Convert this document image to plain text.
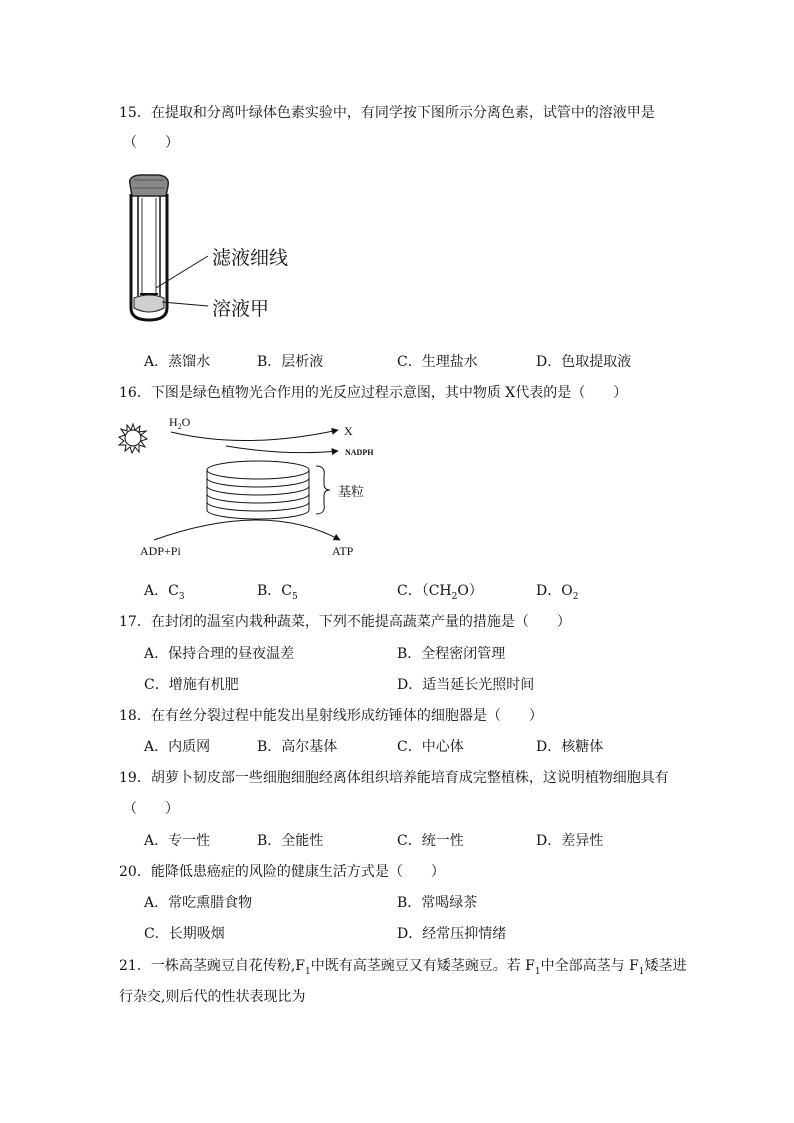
15．在提取和分离叶绿体色素实验中，有同学按下图所示分离色素，试管中的溶液甲是
（　　）
滤液细线
溶液甲
A．蒸馏水	B．层析液	C．生理盐水	D．色取提取液
16．下图是绿色植物光合作用的光反应过程示意图，其中物质 X代表的是（　　）
$H_2O$
X
NADPH
基粒
ADP+Pi	ATP
A．$C_3$	B．$C_5$	C．$(CH_2O)$	D．$O_2$
17．在封闭的温室内栽种蔬菜，下列不能提高蔬菜产量的措施是（　　）
A．保持合理的昼夜温差	B．全程密闭管理
C．增施有机肥	D．适当延长光照时间
18．在有丝分裂过程中能发出星射线形成纺锤体的细胞器是（　　）
A．内质网	B．高尔基体	C．中心体	D．核糖体
19．胡萝卜韧皮部一些细胞细胞经离体组织培养能培育成完整植株，这说明植物细胞具有
（　　）
A．专一性	B．全能性	C．统一性	D．差异性
20．能降低患癌症的风险的健康生活方式是（　　）
A．常吃熏腊食物	B．常喝绿茶
C．长期吸烟	D．经常压抑情绪
21．一株高茎豌豆自花传粉$,F_1$中既有高茎豌豆又有矮茎豌豆。若 $F_1$中全部高茎与 $F_1$矮茎进
行杂交,则后代的性状表现比为
